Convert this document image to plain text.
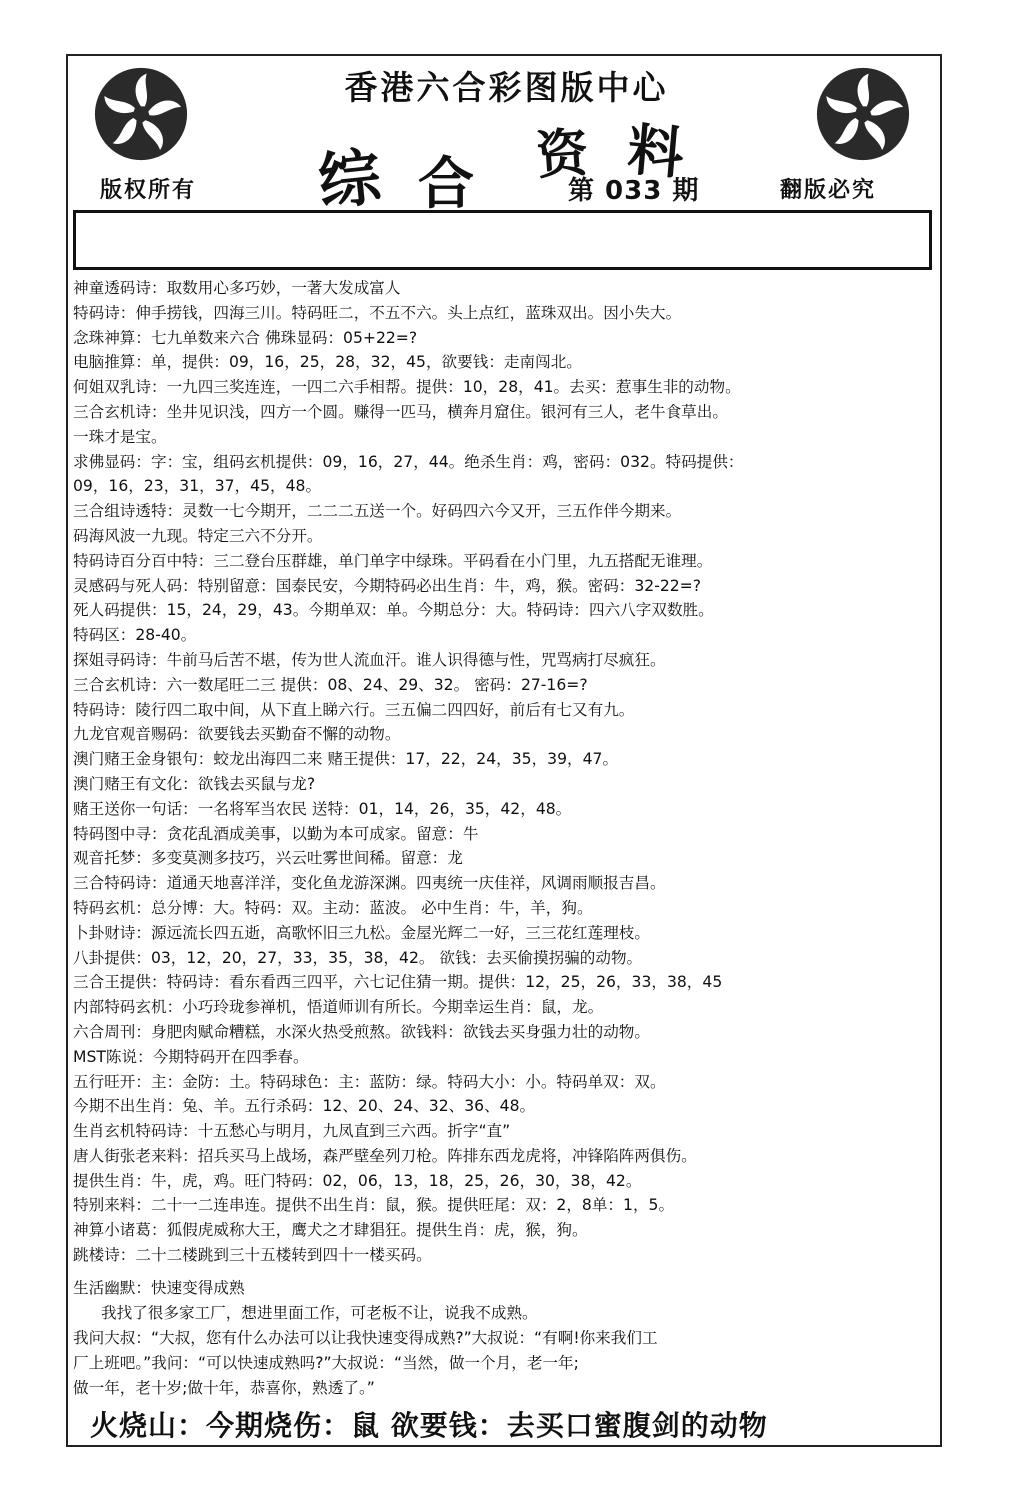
香港六合彩图版中心
综 合 资 料
版权所有	第 033 期	翻版必究
神童透码诗：取数用心多巧妙，一著大发成富人
特码诗：伸手捞钱，四海三川。特码旺二，不五不六。头上点红，蓝珠双出。因小失大。
念珠神算：七九单数来六合 佛珠显码：05+22=?
电脑推算：单，提供：09，16，25，28，32，45，欲要钱：走南闯北。
何姐双乳诗：一九四三奖连连，一四二六手相帮。提供：10，28，41。去买：惹事生非的动物。
三合玄机诗：坐井见识浅，四方一个圆。赚得一匹马，横奔月窟住。银河有三人，老牛食草出。
一珠才是宝。
求佛显码：字：宝，组码玄机提供：09，16，27，44。绝杀生肖：鸡，密码：032。特码提供：
09，16，23，31，37，45，48。
三合组诗透特：灵数一七今期开，二二二五送一个。好码四六今又开，三五作伴今期来。
码海风波一九现。特定三六不分开。
特码诗百分百中特：三二登台压群雄，单门单字中绿珠。平码看在小门里，九五搭配无谁理。
灵感码与死人码：特别留意：国泰民安，今期特码必出生肖：牛，鸡，猴。密码：32-22=?
死人码提供：15，24，29，43。今期单双：单。今期总分：大。特码诗：四六八字双数胜。
特码区：28-40。
探姐寻码诗：牛前马后苦不堪，传为世人流血汗。谁人识得德与性，咒骂病打尽疯狂。
三合玄机诗：六一数尾旺二三 提供：08、24、29、32。 密码：27-16=?
特码诗：陵行四二取中间，从下直上睇六行。三五偏二四四好，前后有七又有九。
九龙官观音赐码：欲要钱去买勤奋不懈的动物。
澳门赌王金身银句：蛟龙出海四二来 赌王提供：17，22，24，35，39，47。
澳门赌王有文化：欲钱去买鼠与龙?
赌王送你一句话：一名将军当农民 送特：01，14，26，35，42，48。
特码图中寻：贪花乱酒成美事，以勤为本可成家。留意：牛
观音托梦：多变莫测多技巧，兴云吐雾世间稀。留意：龙
三合特码诗：道通天地喜洋洋，变化鱼龙游深渊。四夷统一庆佳祥，风调雨顺报吉昌。
特码玄机：总分博：大。特码：双。主动：蓝波。 必中生肖：牛，羊，狗。
卜卦财诗：源远流长四五逝，高歌怀旧三九松。金屋光辉二一好，三三花红莲理枝。
八卦提供：03，12，20，27，33，35，38，42。 欲钱：去买偷摸拐骗的动物。
三合王提供：特码诗：看东看西三四平，六七记住猜一期。提供：12，25，26，33，38，45
内部特码玄机：小巧玲珑参禅机，悟道师训有所长。今期幸运生肖：鼠，龙。
六合周刊：身肥肉赋命糟糕，水深火热受煎熬。欲钱料：欲钱去买身强力壮的动物。
MST陈说：今期特码开在四季春。
五行旺开：主：金防：土。特码球色：主：蓝防：绿。特码大小：小。特码单双：双。
今期不出生肖：兔、羊。五行杀码：12、20、24、32、36、48。
生肖玄机特码诗：十五愁心与明月，九凤直到三六西。折字“直”
唐人街张老来料：招兵买马上战场，森严壁垒列刀枪。阵排东西龙虎将，冲锋陷阵两俱伤。
提供生肖：牛，虎，鸡。旺门特码：02，06，13，18，25，26，30，38，42。
特别来料：二十一二连串连。提供不出生肖：鼠，猴。提供旺尾：双：2，8单：1，5。
神算小诸葛：狐假虎威称大王，鹰犬之才肆猖狂。提供生肖：虎，猴，狗。
跳楼诗：二十二楼跳到三十五楼转到四十一楼买码。
生活幽默：快速变得成熟
我找了很多家工厂，想进里面工作，可老板不让，说我不成熟。
我问大叔：“大叔，您有什么办法可以让我快速变得成熟?”大叔说：“有啊!你来我们工
厂上班吧。”我问：“可以快速成熟吗?”大叔说：“当然，做一个月，老一年;
做一年，老十岁;做十年，恭喜你，熟透了。”
火烧山：今期烧伤：鼠 欲要钱：去买口蜜腹剑的动物
